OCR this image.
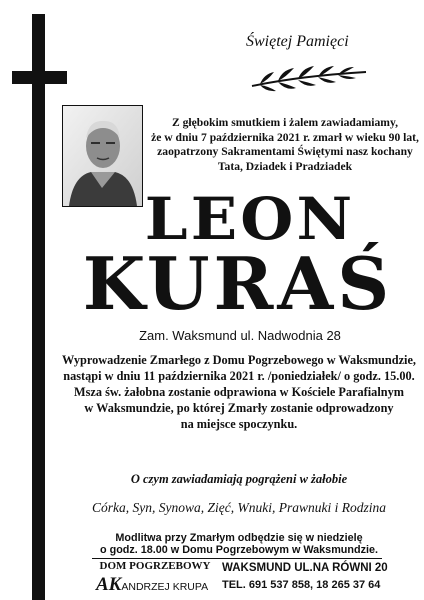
Świętej Pamięci
Z głębokim smutkiem i żalem zawiadamiamy,
że w dniu 7 października 2021 r. zmarł w wieku 90 lat,
zaopatrzony Sakramentami Świętymi nasz kochany
Tata, Dziadek i Pradziadek
LEON
KURAŚ
Zam. Waksmund ul. Nadwodnia 28
Wyprowadzenie Zmarłego z Domu Pogrzebowego w Waksmundzie,
nastąpi w dniu 11 października 2021 r. /poniedziałek/ o godz. 15.00.
Msza św. żałobna zostanie odprawiona w Kościele Parafialnym
w Waksmundzie, po której Zmarły zostanie odprowadzony
na miejsce spoczynku.
O czym zawiadamiają pogrążeni w żałobie
Córka, Syn, Synowa, Zięć, Wnuki, Prawnuki i Rodzina
Modlitwa przy Zmarłym odbędzie się w niedzielę
o godz. 18.00 w Domu Pogrzebowym w Waksmundzie.
DOM POGRZEBOWY
AKANDRZEJ KRUPA
WAKSMUND UL.NA RÓWNI 20
TEL. 691 537 858, 18 265 37 64
